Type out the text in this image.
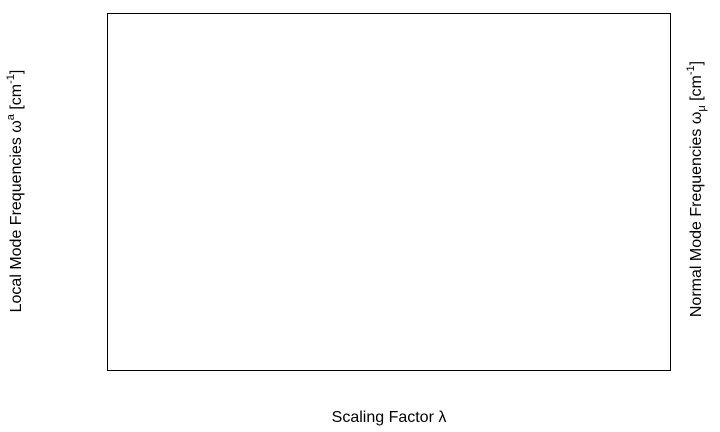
Scaling Factor λ
Local Mode Frequencies $\omega^a$ $[cm^{-1}]$
Normal Mode Frequencies $\omega_\mu$ $[cm^{-1}]$
